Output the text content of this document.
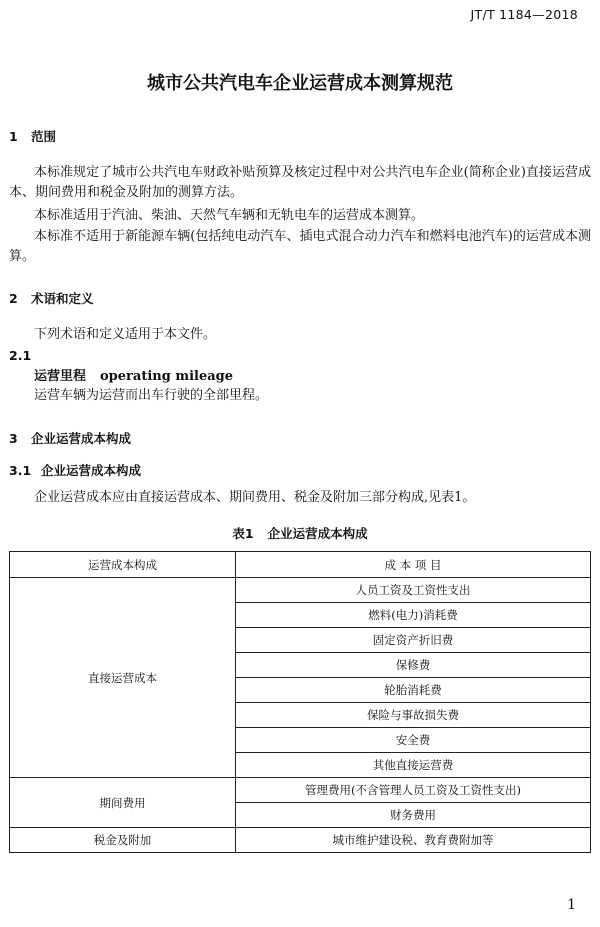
JT/T 1184—2018
城市公共汽电车企业运营成本测算规范
1 范围
本标准规定了城市公共汽电车财政补贴预算及核定过程中对公共汽电车企业(简称企业)直接运营成本、期间费用和税金及附加的测算方法。
本标准适用于汽油、柴油、天然气车辆和无轨电车的运营成本测算。
本标准不适用于新能源车辆(包括纯电动汽车、插电式混合动力汽车和燃料电池汽车)的运营成本测算。
2 术语和定义
下列术语和定义适用于本文件。
2.1
运营里程 operating mileage
运营车辆为运营而出车行驶的全部里程。
3 企业运营成本构成
3.1 企业运营成本构成
企业运营成本应由直接运营成本、期间费用、税金及附加三部分构成,见表1。
表1 企业运营成本构成
运营成本构成	成 本 项 目
直接运营成本	人员工资及工资性支出
	燃料(电力)消耗费
	固定资产折旧费
	保修费
	轮胎消耗费
	保险与事故损失费
	安全费
	其他直接运营费
期间费用	管理费用(不含管理人员工资及工资性支出)
	财务费用
税金及附加	城市维护建设税、教育费附加等
1
